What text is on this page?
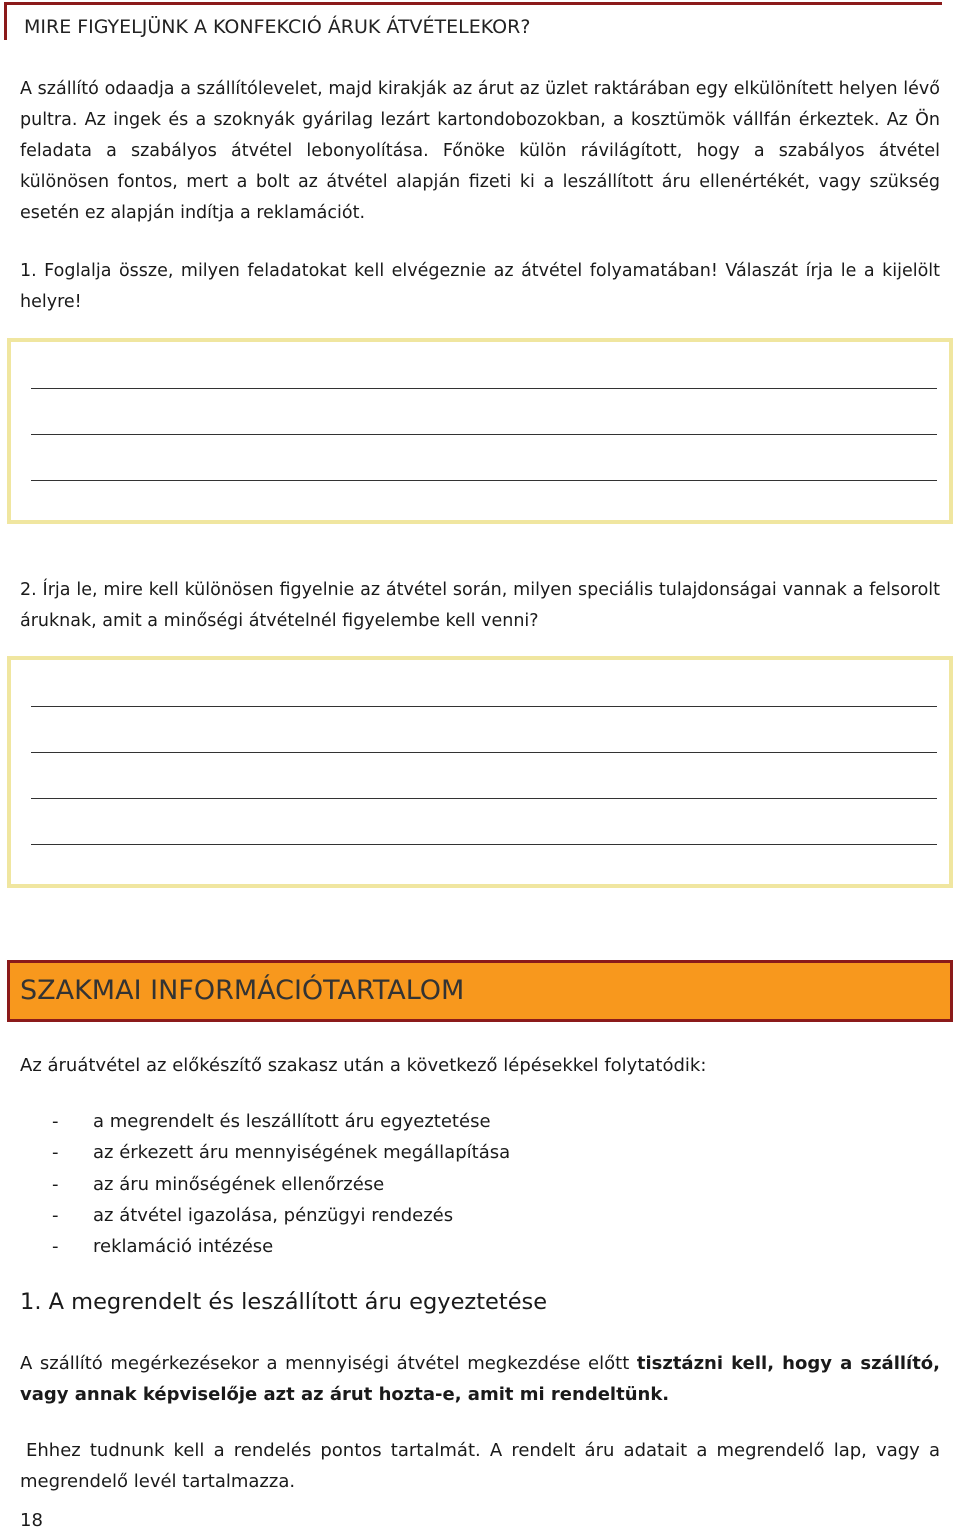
MIRE FIGYELJÜNK A KONFEKCIÓ ÁRUK ÁTVÉTELEKOR?
A szállító odaadja a szállítólevelet, majd kirakják az árut az üzlet raktárában egy elkülönített helyen lévő pultra. Az ingek és a szoknyák gyárilag lezárt kartondobozokban, a kosztümök vállfán érkeztek. Az Ön feladata a szabályos átvétel lebonyolítása. Főnöke külön rávilágított, hogy a szabályos átvétel különösen fontos, mert a bolt az átvétel alapján fizeti ki a leszállított áru ellenértékét, vagy szükség esetén ez alapján indítja a reklamációt.
1. Foglalja össze, milyen feladatokat kell elvégeznie az átvétel folyamatában! Válaszát írja le a kijelölt helyre!
2. Írja le, mire kell különösen figyelnie az átvétel során, milyen speciális tulajdonságai vannak a felsorolt áruknak, amit a minőségi átvételnél figyelembe kell venni?
SZAKMAI INFORMÁCIÓTARTALOM
Az áruátvétel az előkészítő szakasz után a következő lépésekkel folytatódik:
-	a megrendelt és leszállított áru egyeztetése
-	az érkezett áru mennyiségének megállapítása
-	az áru minőségének ellenőrzése
-	az átvétel igazolása, pénzügyi rendezés
-	reklamáció intézése
1. A megrendelt és leszállított áru egyeztetése
A szállító megérkezésekor a mennyiségi átvétel megkezdése előtt tisztázni kell, hogy a szállító, vagy annak képviselője azt az árut hozta-e, amit mi rendeltünk.
Ehhez tudnunk kell a rendelés pontos tartalmát. A rendelt áru adatait a megrendelő lap, vagy a megrendelő levél tartalmazza.
18
